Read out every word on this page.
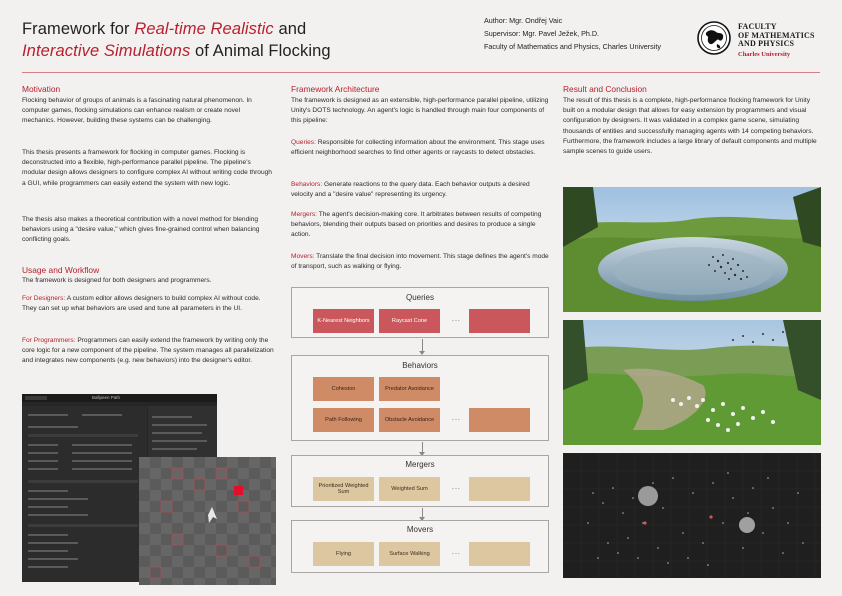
Framework for Real-time Realistic and
Interactive Simulations of Animal Flocking
Author: Mgr. Ondřej Vaic
Supervisor: Mgr. Pavel Ježek, Ph.D.
Faculty of Mathematics and Physics, Charles University
FACULTY
OF MATHEMATICS
AND PHYSICS
Charles University
Motivation
Flocking behavior of groups of animals is a fascinating natural phenomenon. In computer games, flocking simulations can enhance realism or create novel mechanics. However, building these systems can be challenging.
This thesis presents a framework for flocking in computer games. Flocking is deconstructed into a flexible, high-performance parallel pipeline. The pipeline's modular design allows designers to configure complex AI without writing code through a GUI, while programmers can easily extend the system with new logic.
The thesis also makes a theoretical contribution with a novel method for blending behaviors using a "desire value," which gives fine-grained control when balancing conflicting goals.
Usage and Workflow
The framework is designed for both designers and programmers.
For Designers: A custom editor allows designers to build complex AI without code. They can set up what behaviors are used and tune all parameters in the UI.
For Programmers: Programmers can easily extend the framework by writing only the core logic for a new component of the pipeline. The system manages all parallelization and integrates new components (e.g. new behaviors) into the designer's editor.
Ballpeen Path
Framework Architecture
The framework is designed as an extensible, high-performance parallel pipeline, utilizing Unity's DOTS technology. An agent's logic is handled through main four components of this pipeline:
Queries: Responsible for collecting information about the environment. This stage uses efficient neighborhood searches to find other agents or raycasts to detect obstacles.
Behaviors: Generate reactions to the query data. Each behavior outputs a desired velocity and a "desire value" representing its urgency.
Mergers: The agent's decision-making core. It arbitrates between results of competing behaviors, blending their outputs based on priorities and desires to produce a single action.
Movers: Translate the final decision into movement. This stage defines the agent's mode of transport, such as walking or flying.
Queries
K-Nearest Neighbors	Raycast Cone	...
Behaviors
Cohesion	Predator Avoidance
Path Following	Obstacle Avoidance	...
Mergers
Prioritized Weighted Sum
Weighted Sum	...
Movers
Flying	Surface Walking	...
Result and Conclusion
The result of this thesis is a complete, high-performance flocking framework for Unity built on a modular design that allows for easy extension by programmers and visual configuration by designers. It was validated in a complex game scene, simulating thousands of entities and successfully managing agents with 14 competing behaviors. Furthermore, the framework includes a large library of default components and multiple sample scenes to guide users.
